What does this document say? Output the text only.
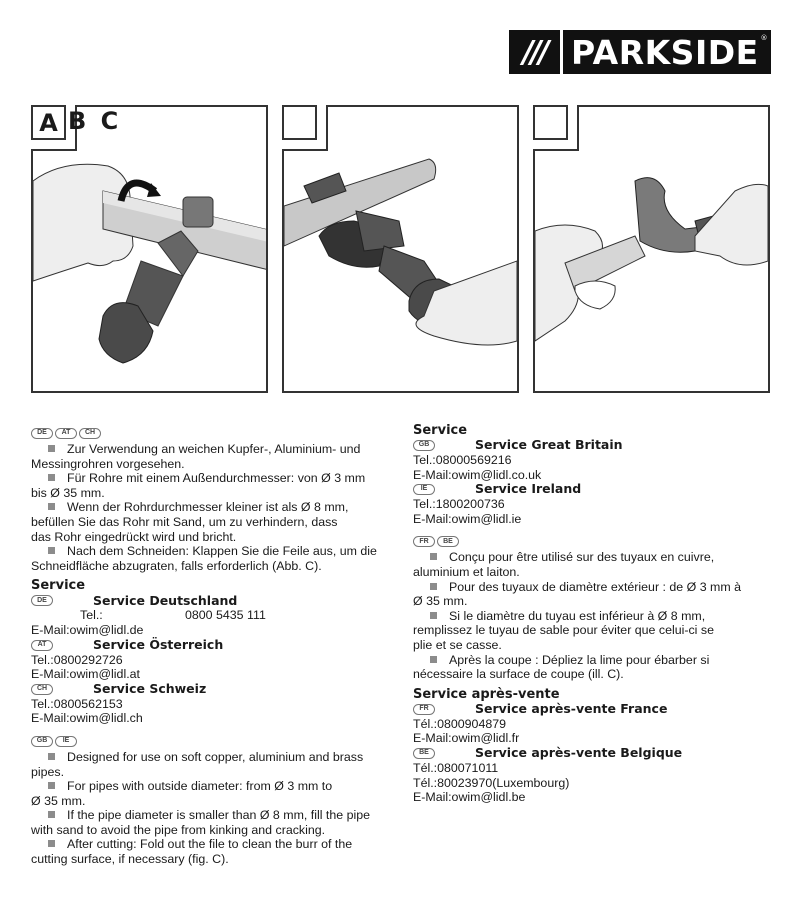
/// PARKSIDE ®
A B C
DE	AT	CH
Zur Verwendung an weichen Kupfer-, Aluminium- und
Messingrohren vorgesehen.
Für Rohre mit einem Außendurchmesser: von Ø 3 mm
bis Ø 35 mm.
Wenn der Rohrdurchmesser kleiner ist als Ø 8 mm,
befüllen Sie das Rohr mit Sand, um zu verhindern, dass
das Rohr eingedrückt wird und bricht.
Nach dem Schneiden: Klappen Sie die Feile aus, um die
Schneidfläche abzugraten, falls erforderlich (Abb. C).
Service
DE	Service Deutschland
Tel.:	0800 5435 111
E-Mail:owim@lidl.de
AT	Service Österreich
Tel.:0800292726
E-Mail:owim@lidl.at
CH	Service Schweiz
Tel.:0800562153
E-Mail:owim@lidl.ch
GB	IE
Designed for use on soft copper, aluminium and brass
pipes.
For pipes with outside diameter: from Ø 3 mm to
Ø 35 mm.
If the pipe diameter is smaller than Ø 8 mm, fill the pipe
with sand to avoid the pipe from kinking and cracking.
After cutting: Fold out the file to clean the burr of the
cutting surface, if necessary (fig. C).
Service
GB	Service Great Britain
Tel.:08000569216
E-Mail:owim@lidl.co.uk
IE	Service Ireland
Tel.:1800200736
E-Mail:owim@lidl.ie
FR	BE
Conçu pour être utilisé sur des tuyaux en cuivre,
aluminium et laiton.
Pour des tuyaux de diamètre extérieur : de Ø 3 mm à
Ø 35 mm.
Si le diamètre du tuyau est inférieur à Ø 8 mm,
remplissez le tuyau de sable pour éviter que celui-ci se
plie et se casse.
Après la coupe : Dépliez la lime pour ébarber si
nécessaire la surface de coupe (ill. C).
Service après-vente
FR	Service après-vente France
Tél.:0800904879
E-Mail:owim@lidl.fr
BE	Service après-vente Belgique
Tél.:080071011
Tél.:80023970(Luxembourg)
E-Mail:owim@lidl.be
